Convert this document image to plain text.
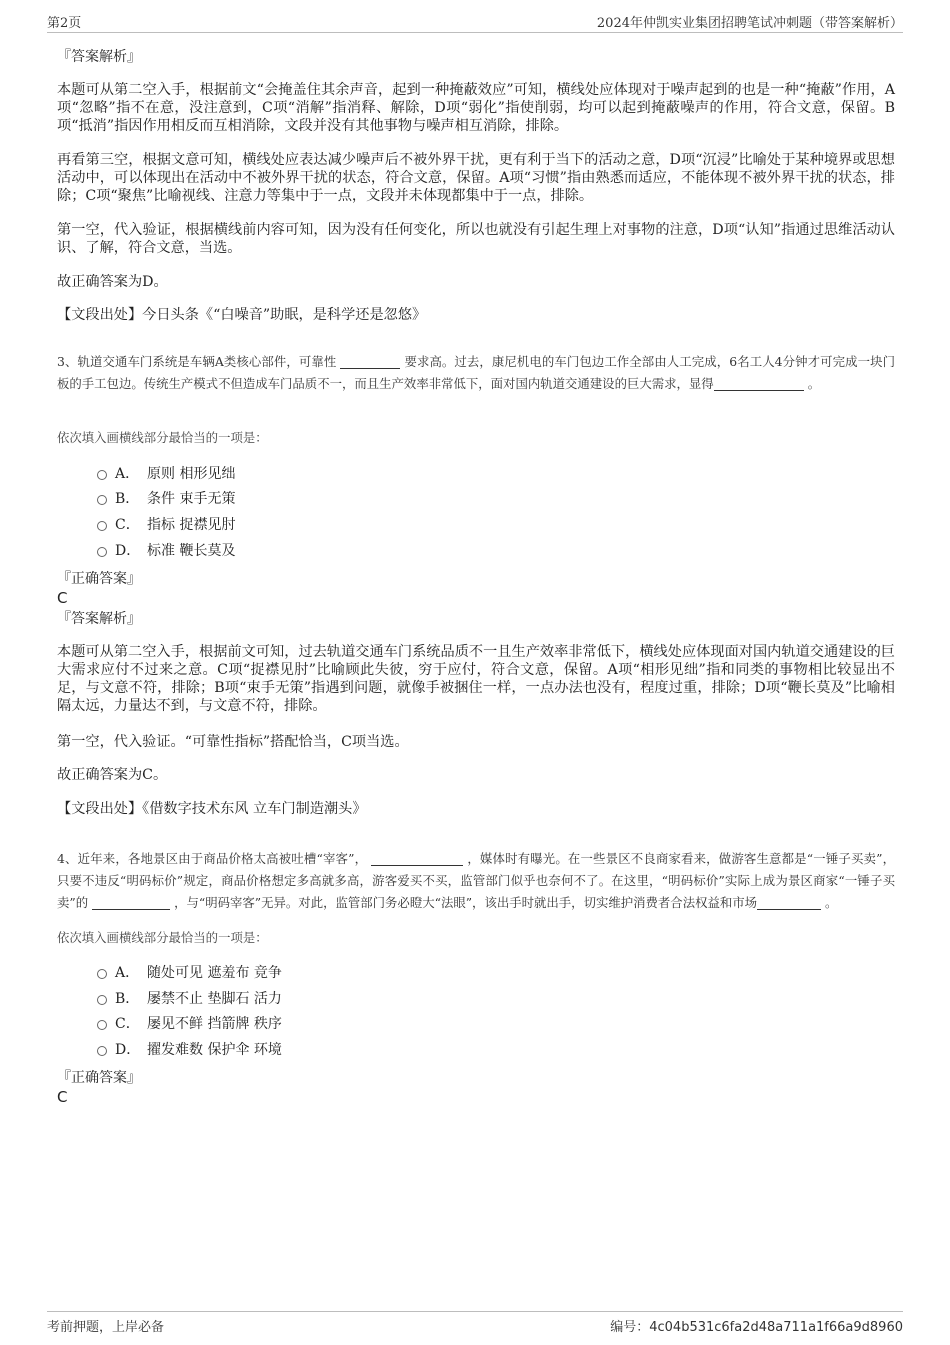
第2页	2024年仲凯实业集团招聘笔试冲刺题（带答案解析）

『答案解析』

本题可从第二空入手，根据前文“会掩盖住其余声音，起到一种掩蔽效应”可知，横线处应体现对于噪声起到的也是一种“掩蔽”作用，A项“忽略”指不在意，没注意到，C项“消解”指消释、解除，D项“弱化”指使削弱，均可以起到掩蔽噪声的作用，符合文意，保留。B项“抵消”指因作用相反而互相消除，文段并没有其他事物与噪声相互消除，排除。

再看第三空，根据文意可知，横线处应表达减少噪声后不被外界干扰，更有利于当下的活动之意，D项“沉浸”比喻处于某种境界或思想活动中，可以体现出在活动中不被外界干扰的状态，符合文意，保留。A项“习惯”指由熟悉而适应，不能体现不被外界干扰的状态，排除；C项“聚焦”比喻视线、注意力等集中于一点，文段并未体现都集中于一点，排除。

第一空，代入验证，根据横线前内容可知，因为没有任何变化，所以也就没有引起生理上对事物的注意，D项“认知”指通过思维活动认识、了解，符合文意，当选。

故正确答案为D。

【文段出处】今日头条《“白噪音”助眠，是科学还是忽悠》

3、轨道交通车门系统是车辆A类核心部件，可靠性	要求高。过去，康尼机电的车门包边工作全部由人工完成，6名工人4分钟才可完成一块门板的手工包边。传统生产模式不但造成车门品质不一，而且生产效率非常低下，面对国内轨道交通建设的巨大需求，显得	。

依次填入画横线部分最恰当的一项是：

A． 原则 相形见绌
B． 条件 束手无策
C． 指标 捉襟见肘
D． 标准 鞭长莫及

『正确答案』

C

『答案解析』

本题可从第二空入手，根据前文可知，过去轨道交通车门系统品质不一且生产效率非常低下，横线处应体现面对国内轨道交通建设的巨大需求应付不过来之意。C项“捉襟见肘”比喻顾此失彼，穷于应付，符合文意，保留。A项“相形见绌”指和同类的事物相比较显出不足，与文意不符，排除；B项“束手无策”指遇到问题，就像手被捆住一样，一点办法也没有，程度过重，排除；D项“鞭长莫及”比喻相隔太远，力量达不到，与文意不符，排除。

第一空，代入验证。“可靠性指标”搭配恰当，C项当选。

故正确答案为C。

【文段出处】《借数字技术东风 立车门制造潮头》

4、近年来，各地景区由于商品价格太高被吐槽“宰客”，	，媒体时有曝光。在一些景区不良商家看来，做游客生意都是“一锤子买卖”，只要不违反“明码标价”规定，商品价格想定多高就多高，游客爱买不买，监管部门似乎也奈何不了。在这里，“明码标价”实际上成为景区商家“一锤子买卖”的	，与“明码宰客”无异。对此，监管部门务必瞪大“法眼”，该出手时就出手，切实维护消费者合法权益和市场	。

依次填入画横线部分最恰当的一项是：

A． 随处可见 遮羞布 竞争
B． 屡禁不止 垫脚石 活力
C． 屡见不鲜 挡箭牌 秩序
D． 擢发难数 保护伞 环境

『正确答案』

C

考前押题，上岸必备	编号：4c04b531c6fa2d48a711a1f66a9d8960
